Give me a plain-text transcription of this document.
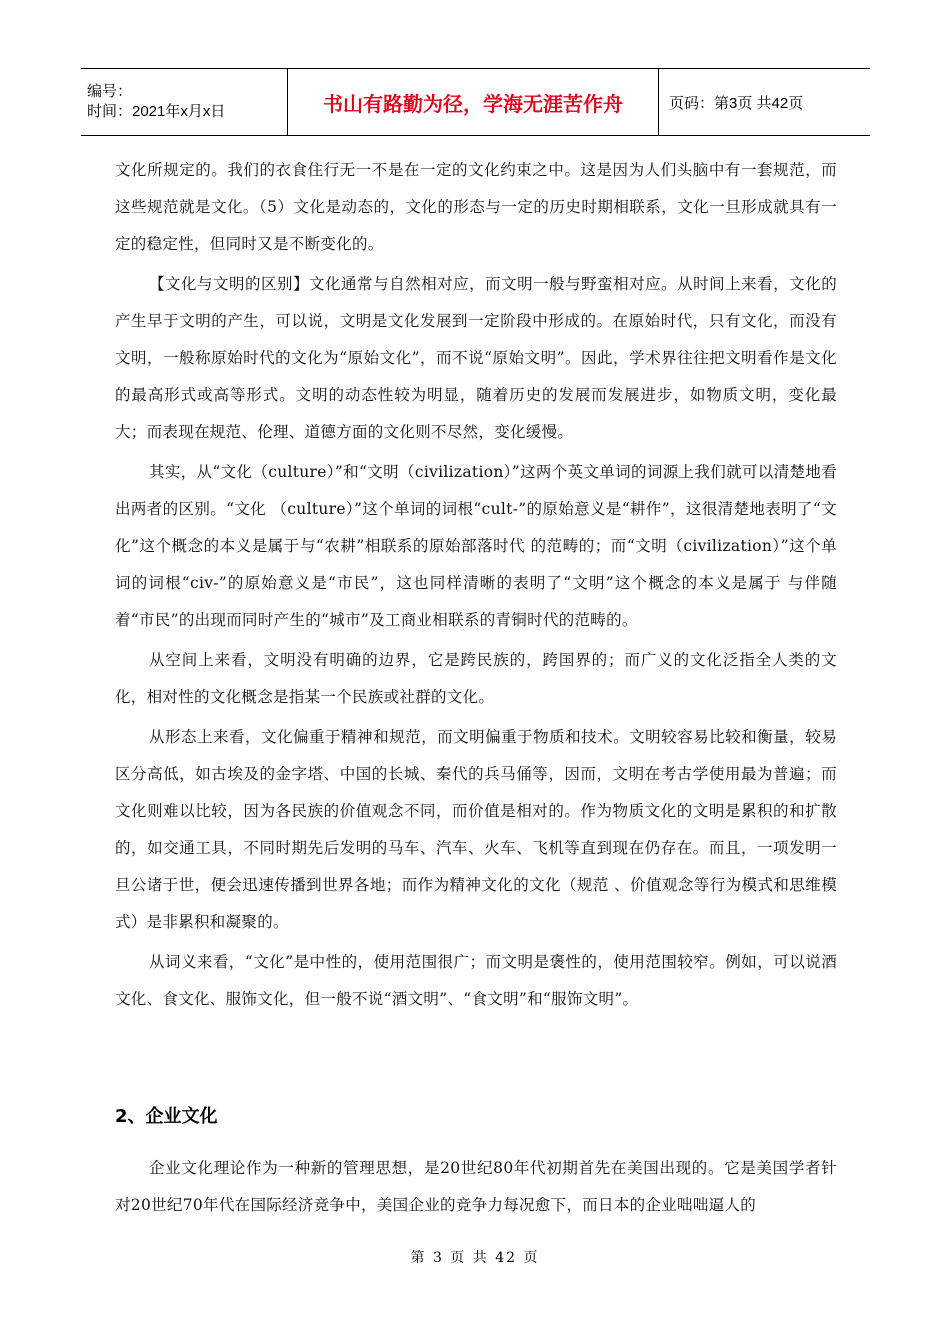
编号：
时间：2021年x月x日	书山有路勤为径，学海无涯苦作舟	页码：第3页 共42页

文化所规定的。我们的衣食住行无一不是在一定的文化约束之中。这是因为人们头脑中有一套规范，而这些规范就是文化。（5）文化是动态的，文化的形态与一定的历史时期相联系，文化一旦形成就具有一定的稳定性，但同时又是不断变化的。

【文化与文明的区别】文化通常与自然相对应，而文明一般与野蛮相对应。从时间上来看，文化的产生早于文明的产生，可以说，文明是文化发展到一定阶段中形成的。在原始时代，只有文化，而没有文明，一般称原始时代的文化为“原始文化”，而不说“原始文明”。因此，学术界往往把文明看作是文化的最高形式或高等形式。文明的动态性较为明显，随着历史的发展而发展进步，如物质文明，变化最大；而表现在规范、伦理、道德方面的文化则不尽然，变化缓慢。

其实，从“文化（culture）”和“文明（civilization）”这两个英文单词的词源上我们就可以清楚地看出两者的区别。“文化 （culture）”这个单词的词根“cult-”的原始意义是“耕作”，这很清楚地表明了“文化”这个概念的本义是属于与“农耕”相联系的原始部落时代 的范畴的；而“文明（civilization）”这个单词的词根“civ-”的原始意义是“市民”，这也同样清晰的表明了“文明”这个概念的本义是属于 与伴随着“市民”的出现而同时产生的“城市”及工商业相联系的青铜时代的范畴的。

从空间上来看，文明没有明确的边界，它是跨民族的，跨国界的；而广义的文化泛指全人类的文化，相对性的文化概念是指某一个民族或社群的文化。

从形态上来看，文化偏重于精神和规范，而文明偏重于物质和技术。文明较容易比较和衡量，较易区分高低，如古埃及的金字塔、中国的长城、秦代的兵马俑等，因而，文明在考古学使用最为普遍；而文化则难以比较，因为各民族的价值观念不同，而价值是相对的。作为物质文化的文明是累积的和扩散的，如交通工具，不同时期先后发明的马车、汽车、火车、飞机等直到现在仍存在。而且，一项发明一旦公诸于世，便会迅速传播到世界各地；而作为精神文化的文化（规范 、价值观念等行为模式和思维模式）是非累积和凝聚的。

从词义来看，“文化”是中性的，使用范围很广；而文明是褒性的，使用范围较窄。例如，可以说酒文化、食文化、服饰文化，但一般不说“酒文明”、“食文明”和“服饰文明”。

2、企业文化

企业文化理论作为一种新的管理思想，是20世纪80年代初期首先在美国出现的。它是美国学者针对20世纪70年代在国际经济竞争中，美国企业的竞争力每况愈下，而日本的企业咄咄逼人的

第 3 页 共 42 页
